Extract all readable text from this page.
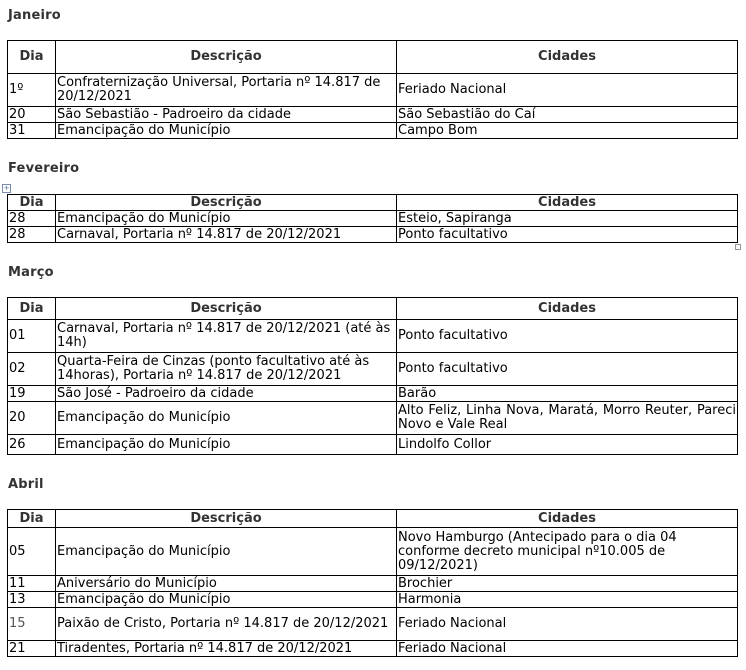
Janeiro
Dia	Descrição	Cidades
1º	Confraternização Universal, Portaria nº 14.817 de 20/12/2021	Feriado Nacional
20	São Sebastião - Padroeiro da cidade	São Sebastião do Caí
31	Emancipação do Município	Campo Bom
Fevereiro
+
Dia	Descrição	Cidades
28	Emancipação do Município	Esteio, Sapiranga
28	Carnaval, Portaria nº 14.817 de 20/12/2021	Ponto facultativo
Março
Dia	Descrição	Cidades
01	Carnaval, Portaria nº 14.817 de 20/12/2021 (até às 14h)	Ponto facultativo
02	Quarta-Feira de Cinzas (ponto facultativo até às 14horas), Portaria nº 14.817 de 20/12/2021	Ponto facultativo
19	São José - Padroeiro da cidade	Barão
20	Emancipação do Município	Alto Feliz, Linha Nova, Maratá, Morro Reuter, Pareci Novo e Vale Real
26	Emancipação do Município	Lindolfo Collor
Abril
Dia	Descrição	Cidades
05	Emancipação do Município	Novo Hamburgo (Antecipado para o dia 04 conforme decreto municipal nº10.005 de 09/12/2021)
11	Aniversário do Município	Brochier
13	Emancipação do Município	Harmonia
15	Paixão de Cristo, Portaria nº 14.817 de 20/12/2021	Feriado Nacional
21	Tiradentes, Portaria nº 14.817 de 20/12/2021	Feriado Nacional
